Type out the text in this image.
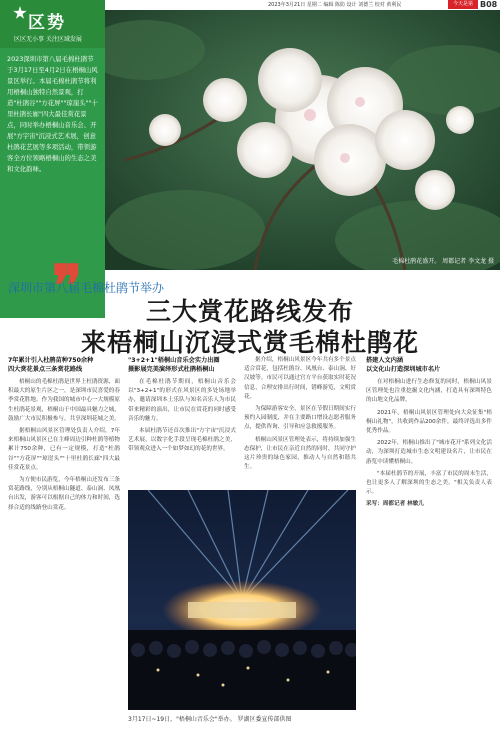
2023年3月21日 星期二 编辑 陈防 设计 刘德兰 校对 黄利民	今天是第 B08
区势
区区无小事 关注区域发展

2023深圳市第八届毛棉杜鹃节于3月17日至4月2日在梧桐山风景区举行。本届毛棉杜鹃节将利用梧桐山独特自然景观，打造"杜鹃谷""方花屏""琼崖头""十里杜鹃长廊"四大最佳赏花景点，同时举办梧桐山音乐会、开展"方宇宙"沉浸式艺术展，创意杜鹃花艺展等多项活动，带领游客全方位领略梧桐山的生态之美和文化韵味。

❞	毛棉杜鹃花盛开。 周都记者 李文龙 摄
深圳市第八届毛棉杜鹃节举办
三大赏花路线发布
来梧桐山沉浸式赏毛棉杜鹃花
7年累计引入杜鹃苗种750余种
四大赏花景点三条赏花路线

梧桐山的毛棉杜鹃是世界上杜鹃资源，面积最大的原生片区之一，是深圳市民喜爱的春季赏花胜地。作为我国的城市中心一大规模原生杜鹃花景观，梧桐山于中国最具魅力之城，鼓励广大市民积极参与，共享深圳花城之美。

据梧桐山风景区管理处负责人介绍，7年来梧桐山风景区已在主峰周边引种杜鹃等植物累计750余种，已有一定规模，打造"杜鹃谷""方花屏""琼崖头""十里杜鹃长廊"四大最佳赏花景点。

为方便市民游览，今年梧桐山还发布三条赏花路线，分别从梧桐山隧道、泰山涧、凤凰台出发，游客可以根据自己的体力和时间，选择合适的线路登山赏花。

"3+2+1"梧桐山音乐会实力出圈
摄影展完美演绎形式杜鹃梧桐山

在毛棉杜鹃节期间，梧桐山音乐会以"3+2+1"的形式在风景区的多处场地举办，邀请深圳本土乐队与知名音乐人为市民带来精彩的演出，让市民在赏花的同时感受音乐的魅力。

本届杜鹃节还首次推出"方宇宙"沉浸式艺术展，以数字化手段呈现毛棉杜鹃之美，带领观众进入一个如梦如幻的花的世界。

据介绍，梧桐山风景区今年共有多个景点适合赏花，包括杜鹃谷、凤凰台、泰山涧、好汉坡等。市民可以通过官方平台获取实时花况信息，合理安排出行时间，错峰游览，文明赏花。

为保障游客安全，景区在节假日期间实行预约入园制度，并在主要路口增设志愿者服务点，提供咨询、引导和应急救援服务。

梧桐山风景区管理处表示，将持续加强生态保护，让市民在亲近自然的同时，共同守护这片珍贵的绿色家园，推动人与自然和谐共生。

搭建人文内涵
以文化山打造深圳城市名片

在对梧桐山进行生态修复的同时，梧桐山风景区管理处也注重挖掘文化内涵，打造具有深圳特色的山地文化品牌。

2021年，梧桐山风景区管理处向大众征集"梧桐山礼物"，共收到作品200余件，最终评选出多件优秀作品。

2022年，梧桐山推出了"城市花开"系列文化活动，为深圳打造城市生态文明建设名片，让市民在游览中读懂梧桐山。

"本届杜鹃节的开展，丰富了市民的周末生活，也让更多人了解深圳的生态之美。"相关负责人表示。

采写：周都记者 林敏儿

3月17日~19日，"梧桐山音乐会"举办。 罗湖区委宣传部供图
